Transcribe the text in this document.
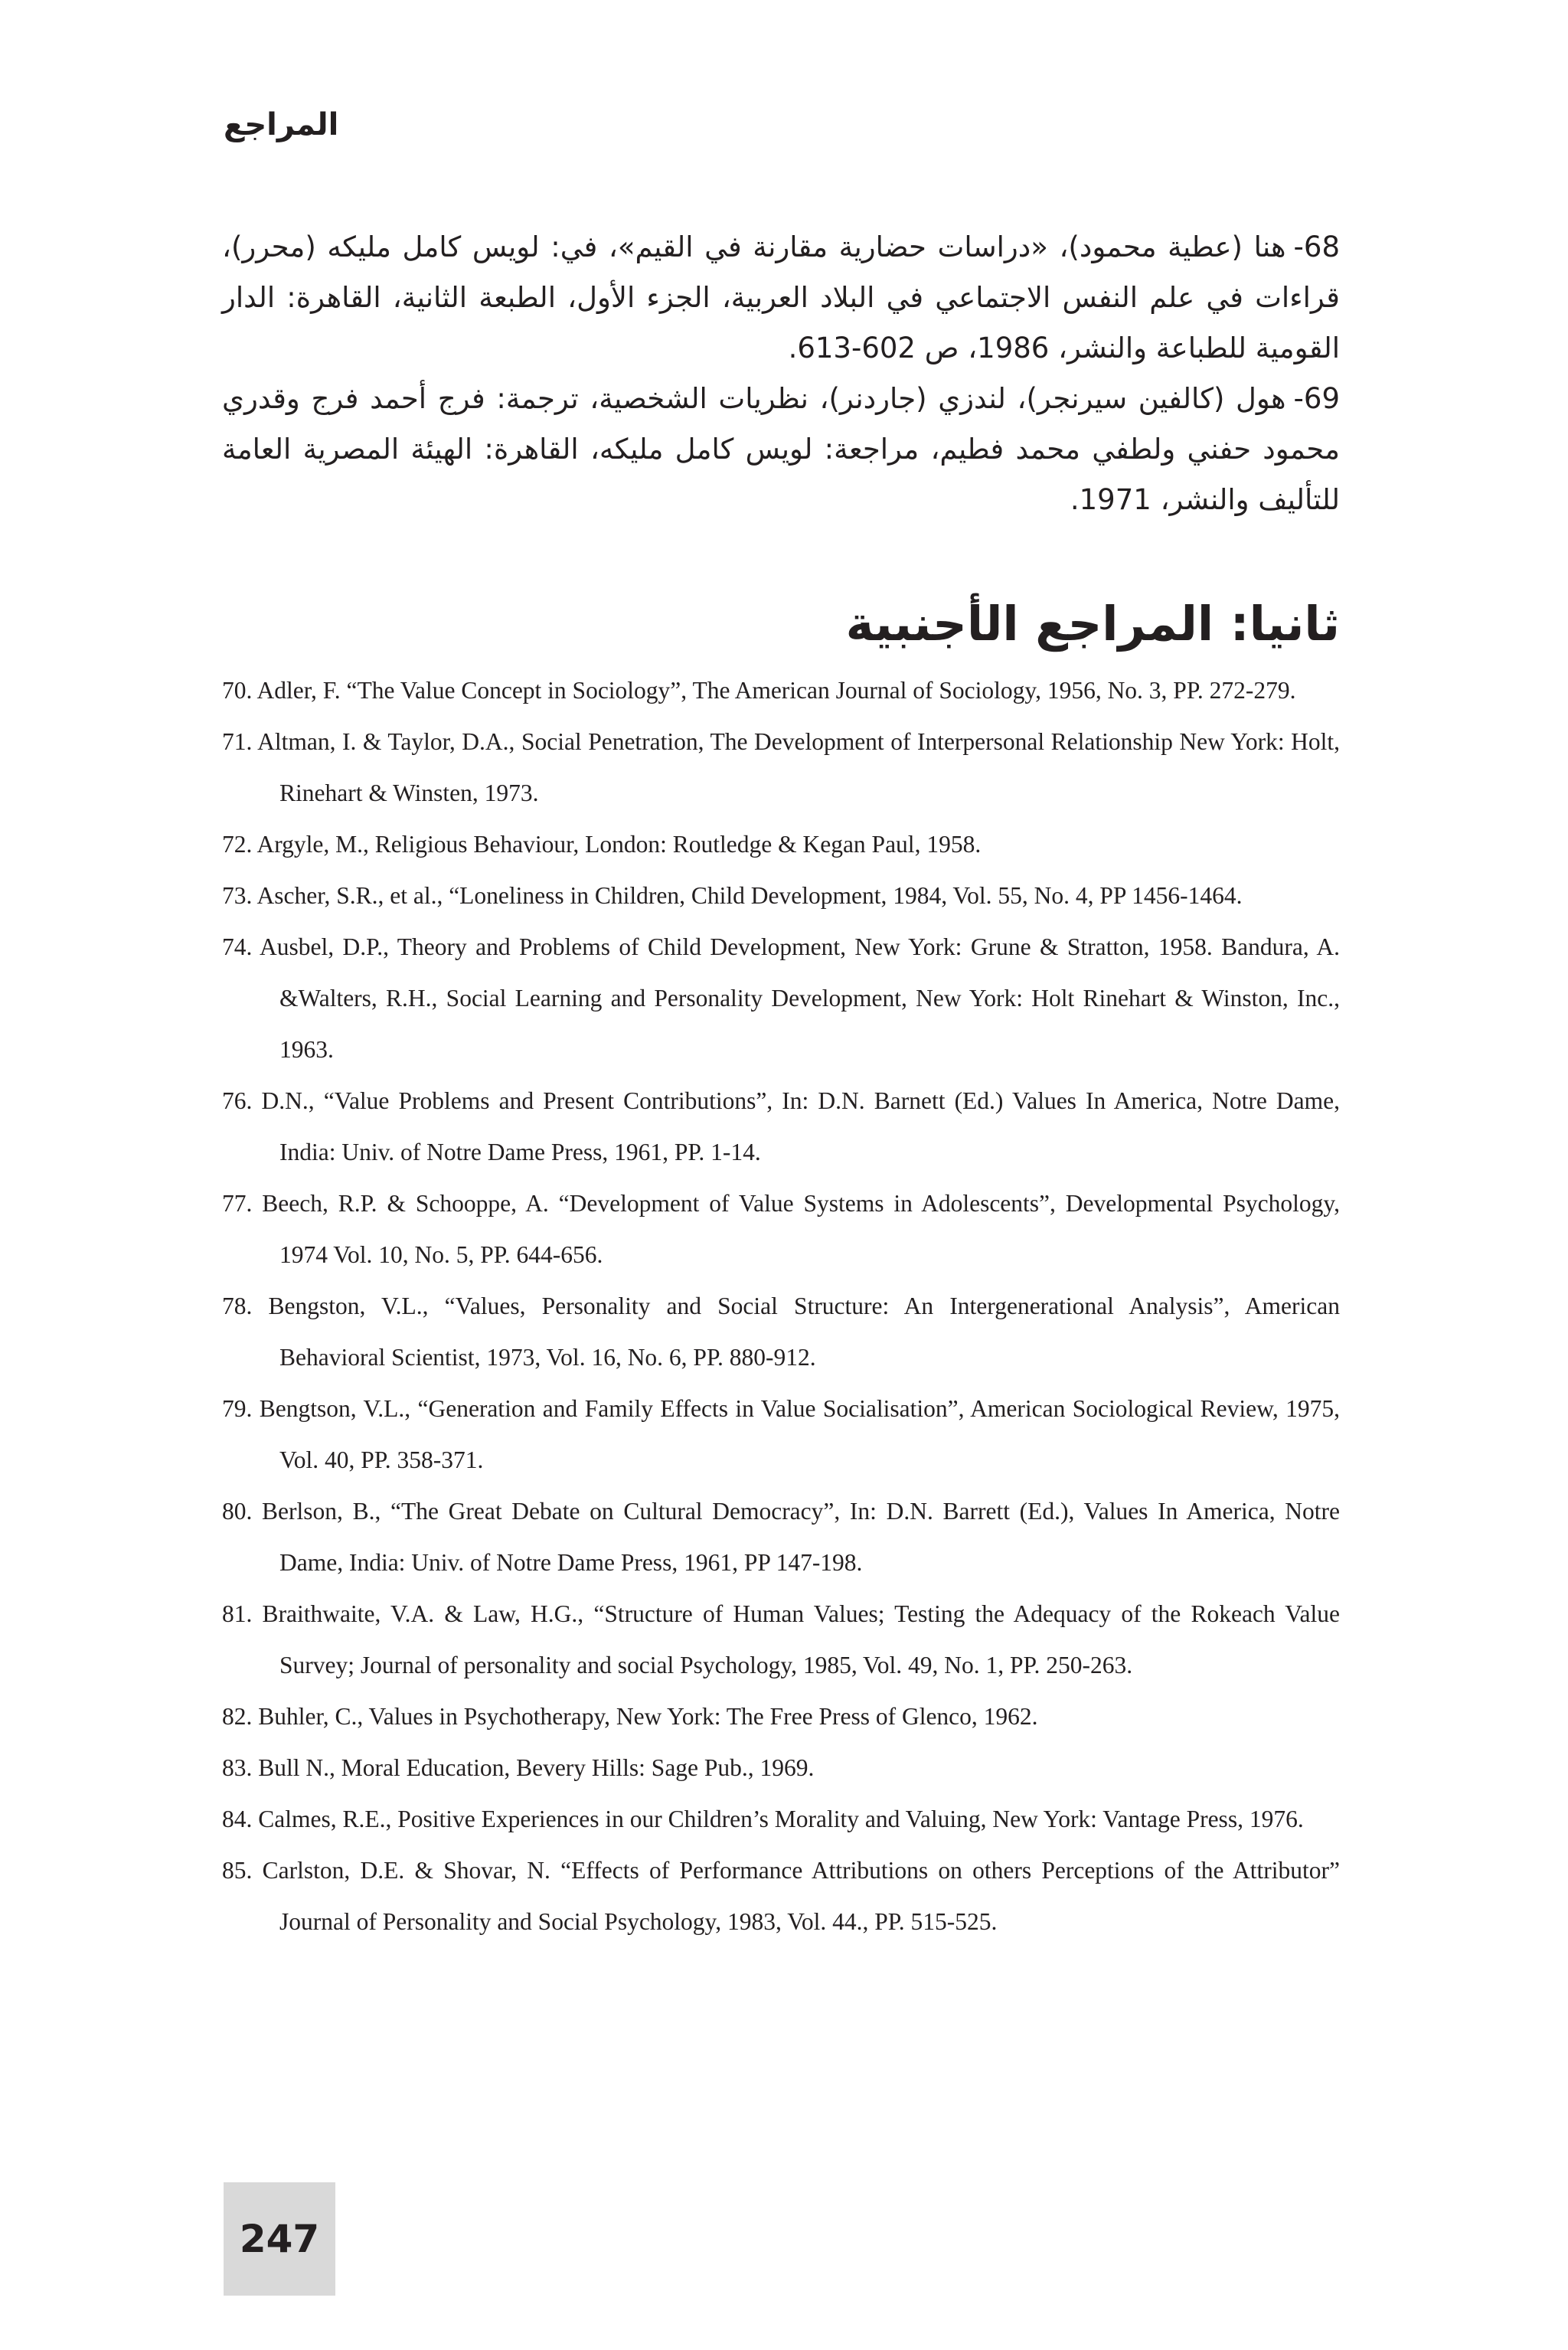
المراجع

68-هنا (عطية محمود)، «دراسات حضارية مقارنة في القيم»، في: لويس كامل مليكه (محرر)، قراءات في علم النفس الاجتماعي في البلاد العربية، الجزء الأول، الطبعة الثانية، القاهرة: الدار القومية للطباعة والنشر، 1986، ص 602-613.

69-هول (كالفين سيرنجر)، لندزي (جاردنر)، نظريات الشخصية، ترجمة: فرج أحمد فرج وقدري محمود حفني ولطفي محمد فطيم، مراجعة: لويس كامل مليكه، القاهرة: الهيئة المصرية العامة للتأليف والنشر، 1971.

ثانيا: المراجع الأجنبية

70. Adler, F. “The Value Concept in Sociology”, The American Journal of Sociology, 1956, No. 3, PP. 272-279.

71. Altman, I. & Taylor, D.A., Social Penetration, The Development of Interpersonal Relationship New York: Holt, Rinehart & Winsten, 1973.

72. Argyle, M., Religious Behaviour, London: Routledge & Kegan Paul, 1958.

73. Ascher, S.R., et al., “Loneliness in Children, Child Development, 1984, Vol. 55, No. 4, PP 1456-1464.

74. Ausbel, D.P., Theory and Problems of Child Development, New York: Grune & Stratton, 1958. Bandura, A. &Walters, R.H., Social Learning and Personality Development, New York: Holt Rinehart & Winston, Inc., 1963.

76. D.N., “Value Problems and Present Contributions”, In: D.N. Barnett (Ed.) Values In America, Notre Dame, India: Univ. of Notre Dame Press, 1961, PP. 1-14.

77. Beech, R.P. & Schooppe, A. “Development of Value Systems in Adolescents”, Developmental Psychology, 1974 Vol. 10, No. 5, PP. 644-656.

78. Bengston, V.L., “Values, Personality and Social Structure: An Intergenerational Analysis”, American Behavioral Scientist, 1973, Vol. 16, No. 6, PP. 880-912.

79. Bengtson, V.L., “Generation and Family Effects in Value Socialisation”, American Sociological Review, 1975, Vol. 40, PP. 358-371.

80. Berlson, B., “The Great Debate on Cultural Democracy”, In: D.N. Barrett (Ed.), Values In America, Notre Dame, India: Univ. of Notre Dame Press, 1961, PP 147-198.

81. Braithwaite, V.A. & Law, H.G., “Structure of Human Values; Testing the Adequacy of the Rokeach Value Survey; Journal of personality and social Psychology, 1985, Vol. 49, No. 1, PP. 250-263.

82. Buhler, C., Values in Psychotherapy, New York: The Free Press of Glenco, 1962.

83. Bull N., Moral Education, Bevery Hills: Sage Pub., 1969.

84. Calmes, R.E., Positive Experiences in our Children’s Morality and Valuing, New York: Vantage Press, 1976.

85. Carlston, D.E. & Shovar, N. “Effects of Performance Attributions on others Perceptions of the Attributor” Journal of Personality and Social Psychology, 1983, Vol. 44., PP. 515-525.

247
